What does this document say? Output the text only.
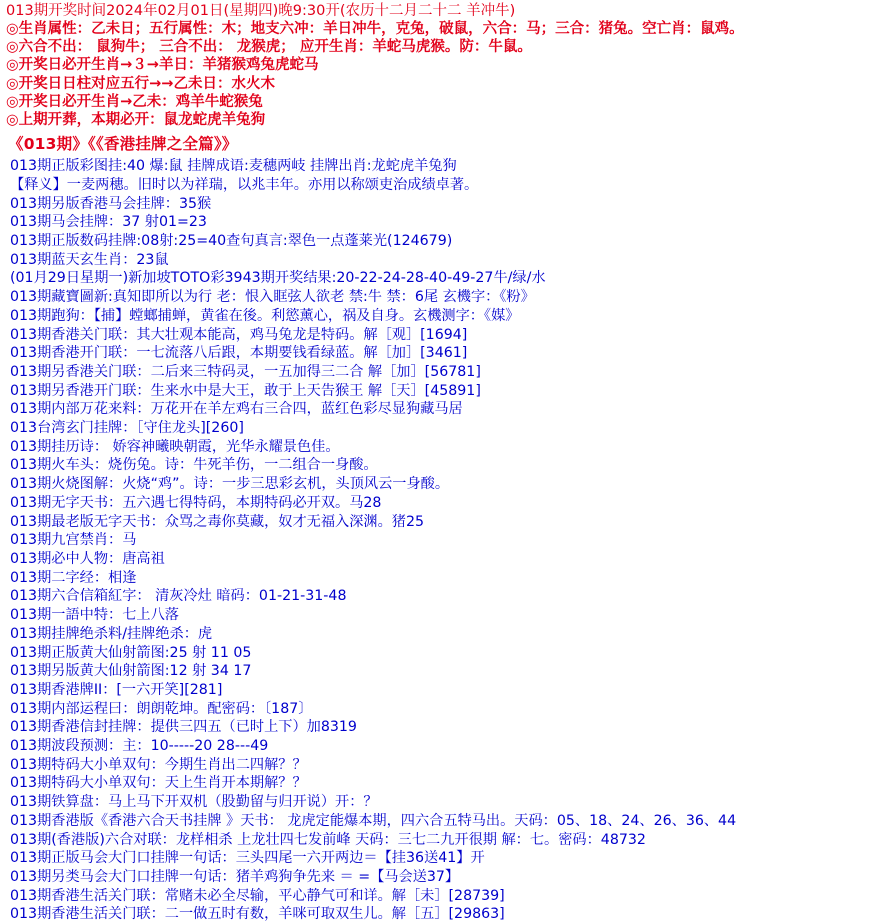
013期开奖时间2024年02月01日(星期四)晚9:30开(农历十二月二十二 羊冲牛)
◎生肖属性：乙未日；五行属性：木；地支六冲：羊日冲牛，克兔，破鼠，六合：马；三合：猪兔。空亡肖：鼠鸡。
◎六合不出： 鼠狗牛； 三合不出： 龙猴虎； 应开生肖：羊蛇马虎猴。防：牛鼠。
◎开奖日必开生肖→３→羊日：羊猪猴鸡兔虎蛇马
◎开奖日日柱对应五行→→乙未日：水火木
◎开奖日必开生肖→乙未：鸡羊牛蛇猴兔
◎上期开葬，本期必开：鼠龙蛇虎羊兔狗
《013期》《《香港挂牌之全篇》》
013期正版彩图挂:40 爆:鼠 挂牌成语:麦穗两岐 挂牌出肖:龙蛇虎羊兔狗
【释义】一麦两穗。旧时以为祥瑞，以兆丰年。亦用以称颂吏治成绩卓著。
013期另版香港马会挂牌：35猴
013期马会挂牌：37 射01=23
013期正版数码挂牌:08射:25=40查句真言:翠色一点蓬莱光(124679)
013期蓝天玄生肖：23鼠
(01月29日星期一)新加坡TOTO彩3943期开奖结果:20-22-24-28-40-49-27牛/绿/水
013期藏寶圖新:真知即所以为行 老：恨入眶弦人欲老 禁:牛 禁：6尾 玄機字：《粉》
013期跑狗：【捕】螳螂捕蝉，黄雀在後。利慾薰心，祸及自身。玄機测字：《媒》
013期香港关门联：其大壮观本能高，鸡马兔龙是特码。解［观］[1694]
013期香港开门联：一七流落八后跟，本期要钱看绿蓝。解［加］[3461]
013期另香港关门联：二后来三特码灵，一五加得三二合 解［加］[56781]
013期另香港开门联：生来水中是大王，敢于上天告猴王 解［天］[45891]
013期内部万花来料：万花开在羊左鸡右三合四，蓝红色彩尽显狗藏马居
013台湾玄门挂牌：［守住龙头][260]
013期挂历诗： 娇容神曦映朝霞，光华永耀景色佳。
013期火车头：烧伤兔。诗：牛死羊伤，一二组合一身酸。
013期火烧图解：火烧“鸡”。诗：一步三思彩玄机，头顶风云一身酸。
013期无字天书：五六遇七得特码，本期特码必开双。马28
013期最老版无字天书：众骂之毒你莫藏，奴才无福入深渊。猪25
013期九宫禁肖：马
013期必中人物：唐高祖
013期二字经：相逢
013期六合信箱紅字： 清灰冷灶 暗码：01-21-31-48
013期一語中特：七上八落
013期挂牌绝杀料/挂牌绝杀：虎
013期正版黄大仙射箭图:25 射 11 05
013期另版黄大仙射箭图:12 射 34 17
013期香港牌II：[一六开笑][281]
013期内部运程曰：朗朗乾坤。配密码：〔187〕
013期香港信封挂牌：提供三四五（已时上下）加8319
013期波段预测：主：10-----20 28---49
013期特码大小单双句：今期生肖出二四解？？
013期特码大小单双句：天上生肖开本期解？？
013期铁算盘：马上马下开双机（股勤留与归开说）开：？
013期香港版《香港六合天书挂牌 》天书： 龙虎定能爆本期，四六合五特马出。天码：05、18、24、26、36、44
013期(香港版)六合对联：龙样相杀 上龙壮四七发前峰 天码：三七二九开很期 解：七。密码：48732
013期正版马会大门口挂牌一句话：三头四尾一六开两边＝【挂36送41】开
013期另类马会大门口挂牌一句话：猪羊鸡狗争先来 ＝ =【马会送37】
013期香港生活关门联：常赌未必全尽输，平心静气可和详。解［未］[28739]
013期香港生活关门联：二一做五时有数，羊咪可取双生儿。解［五］[29863]
